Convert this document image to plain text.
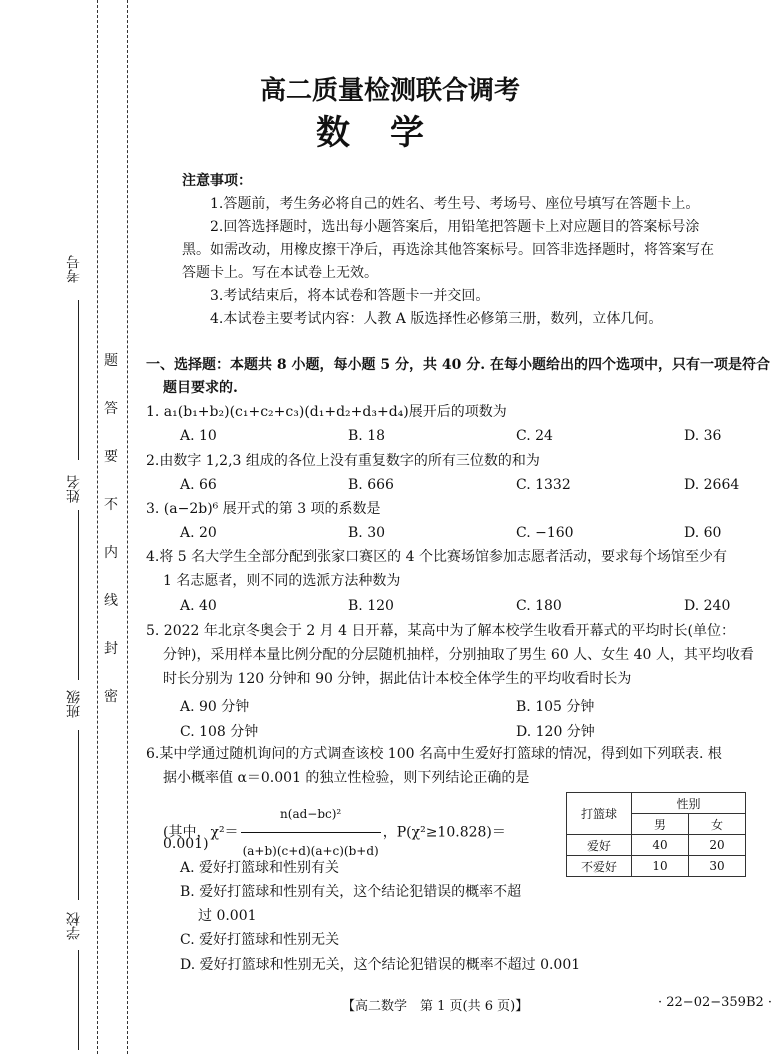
考号
姓名
班级
学校
题
答
要
不
内
线
封
密
高二质量检测联合调考
数学
注意事项：
1.答题前，考生务必将自己的姓名、考生号、考场号、座位号填写在答题卡上。
2.回答选择题时，选出每小题答案后，用铅笔把答题卡上对应题目的答案标号涂
黑。如需改动，用橡皮擦干净后，再选涂其他答案标号。回答非选择题时，将答案写在
答题卡上。写在本试卷上无效。
3.考试结束后，将本试卷和答题卡一并交回。
4.本试卷主要考试内容：人教 A 版选择性必修第三册，数列，立体几何。
一、选择题：本题共 8 小题，每小题 5 分，共 40 分. 在每小题给出的四个选项中，只有一项是符合
题目要求的.
1. a₁(b₁+b₂)(c₁+c₂+c₃)(d₁+d₂+d₃+d₄)展开后的项数为
A. 10	B. 18	C. 24	D. 36
2.由数字 1,2,3 组成的各位上没有重复数字的所有三位数的和为
A. 66	B. 666	C. 1332	D. 2664
3. (a−2b)⁶ 展开式的第 3 项的系数是
A. 20	B. 30	C. −160	D. 60
4.将 5 名大学生全部分配到张家口赛区的 4 个比赛场馆参加志愿者活动，要求每个场馆至少有
1 名志愿者，则不同的选派方法种数为
A. 40	B. 120	C. 180	D. 240
5. 2022 年北京冬奥会于 2 月 4 日开幕，某高中为了解本校学生收看开幕式的平均时长(单位：
分钟)，采用样本量比例分配的分层随机抽样，分别抽取了男生 60 人、女生 40 人，其平均收看
时长分别为 120 分钟和 90 分钟，据此估计本校全体学生的平均收看时长为
A. 90 分钟	B. 105 分钟
C. 108 分钟	D. 120 分钟
6.某中学通过随机询问的方式调查该校 100 名高中生爱好打篮球的情况，得到如下列联表. 根
据小概率值 α＝0.001 的独立性检验，则下列结论正确的是
(其中，$\chi^2= \frac{\text{n(ad−bc)²}}{(a+b)(c+d)(a+c)(b+d)}$ ，P(χ²≥10.828)＝
0.001)
打篮球	性别	
	男	女
爱好	40	20
不爱好	10	30
A. 爱好打篮球和性别有关
B. 爱好打篮球和性别有关，这个结论犯错误的概率不超
过 0.001
C. 爱好打篮球和性别无关
D. 爱好打篮球和性别无关，这个结论犯错误的概率不超过 0.001
【高二数学　第 1 页(共 6 页)】	· 22−02−359B2 ·
